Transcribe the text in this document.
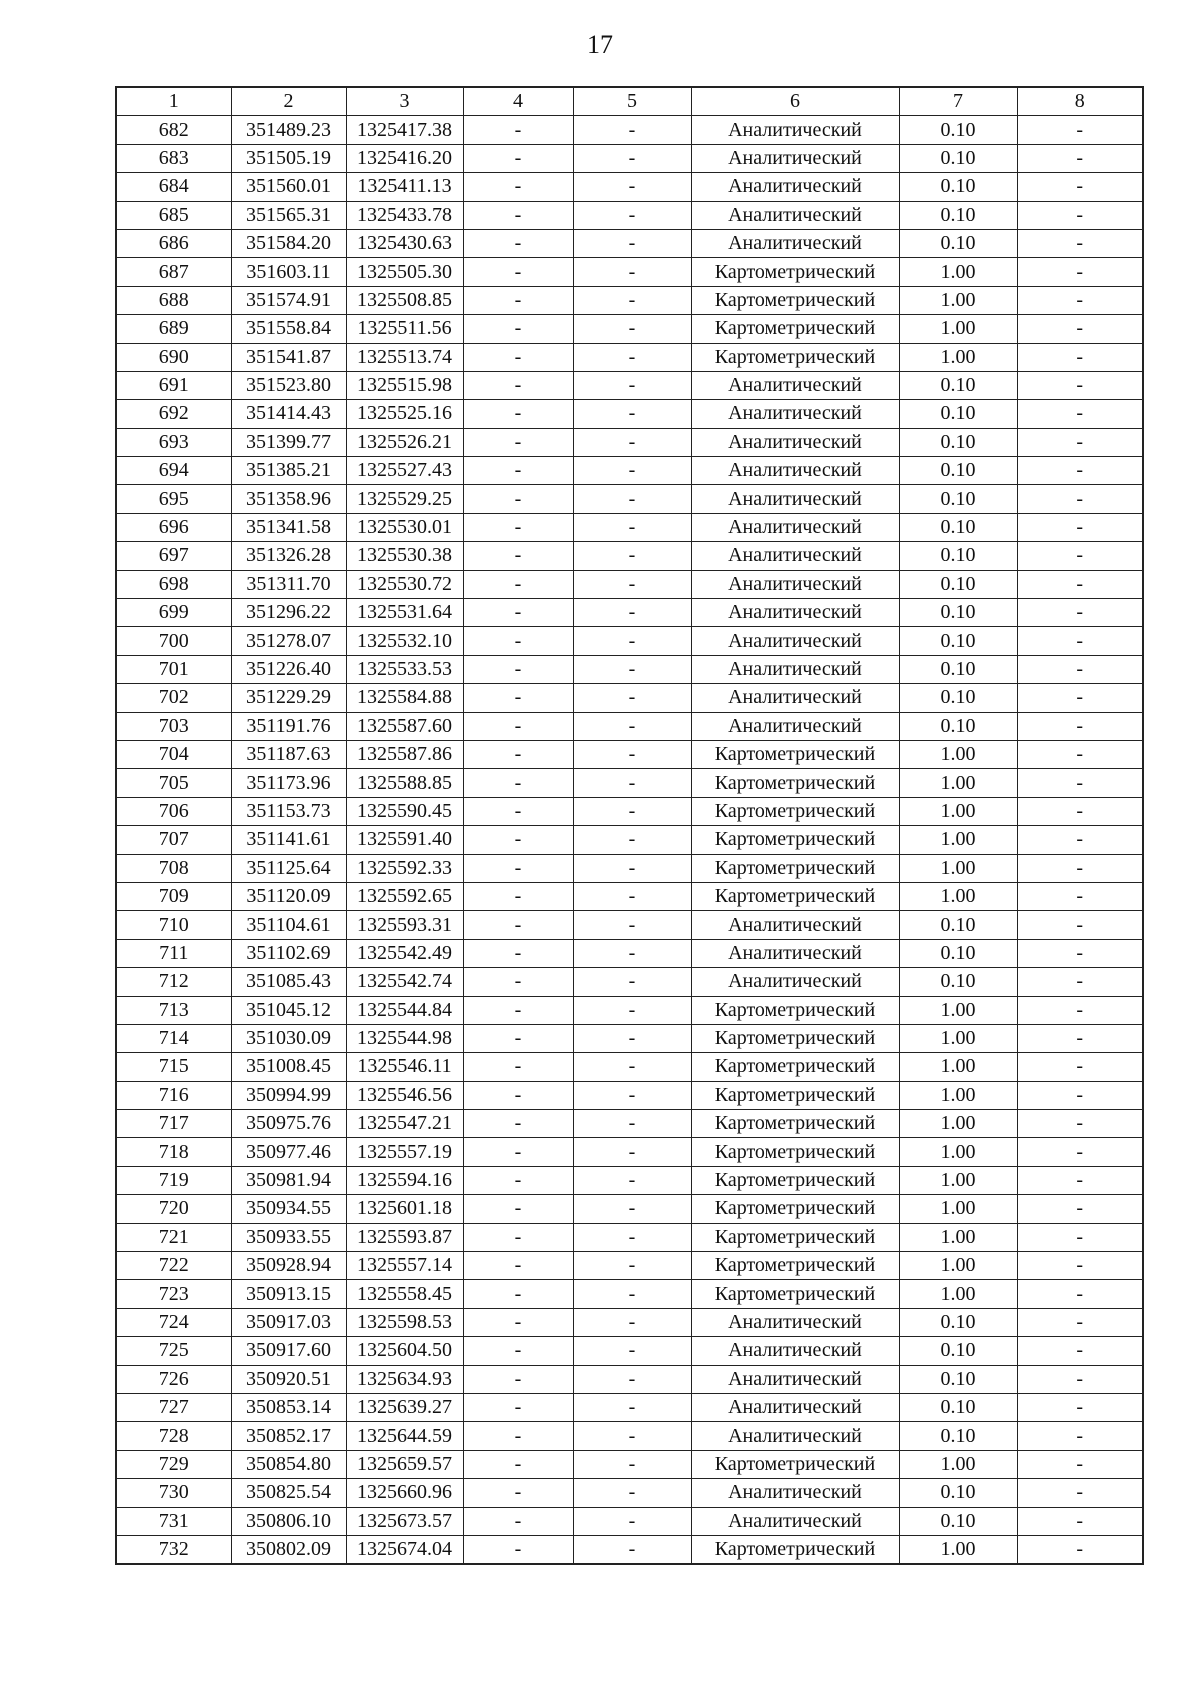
17
1	2	3	4	5	6	7	8
682	351489.23	1325417.38	-	-	Аналитический	0.10	-
683	351505.19	1325416.20	-	-	Аналитический	0.10	-
684	351560.01	1325411.13	-	-	Аналитический	0.10	-
685	351565.31	1325433.78	-	-	Аналитический	0.10	-
686	351584.20	1325430.63	-	-	Аналитический	0.10	-
687	351603.11	1325505.30	-	-	Картометрический	1.00	-
688	351574.91	1325508.85	-	-	Картометрический	1.00	-
689	351558.84	1325511.56	-	-	Картометрический	1.00	-
690	351541.87	1325513.74	-	-	Картометрический	1.00	-
691	351523.80	1325515.98	-	-	Аналитический	0.10	-
692	351414.43	1325525.16	-	-	Аналитический	0.10	-
693	351399.77	1325526.21	-	-	Аналитический	0.10	-
694	351385.21	1325527.43	-	-	Аналитический	0.10	-
695	351358.96	1325529.25	-	-	Аналитический	0.10	-
696	351341.58	1325530.01	-	-	Аналитический	0.10	-
697	351326.28	1325530.38	-	-	Аналитический	0.10	-
698	351311.70	1325530.72	-	-	Аналитический	0.10	-
699	351296.22	1325531.64	-	-	Аналитический	0.10	-
700	351278.07	1325532.10	-	-	Аналитический	0.10	-
701	351226.40	1325533.53	-	-	Аналитический	0.10	-
702	351229.29	1325584.88	-	-	Аналитический	0.10	-
703	351191.76	1325587.60	-	-	Аналитический	0.10	-
704	351187.63	1325587.86	-	-	Картометрический	1.00	-
705	351173.96	1325588.85	-	-	Картометрический	1.00	-
706	351153.73	1325590.45	-	-	Картометрический	1.00	-
707	351141.61	1325591.40	-	-	Картометрический	1.00	-
708	351125.64	1325592.33	-	-	Картометрический	1.00	-
709	351120.09	1325592.65	-	-	Картометрический	1.00	-
710	351104.61	1325593.31	-	-	Аналитический	0.10	-
711	351102.69	1325542.49	-	-	Аналитический	0.10	-
712	351085.43	1325542.74	-	-	Аналитический	0.10	-
713	351045.12	1325544.84	-	-	Картометрический	1.00	-
714	351030.09	1325544.98	-	-	Картометрический	1.00	-
715	351008.45	1325546.11	-	-	Картометрический	1.00	-
716	350994.99	1325546.56	-	-	Картометрический	1.00	-
717	350975.76	1325547.21	-	-	Картометрический	1.00	-
718	350977.46	1325557.19	-	-	Картометрический	1.00	-
719	350981.94	1325594.16	-	-	Картометрический	1.00	-
720	350934.55	1325601.18	-	-	Картометрический	1.00	-
721	350933.55	1325593.87	-	-	Картометрический	1.00	-
722	350928.94	1325557.14	-	-	Картометрический	1.00	-
723	350913.15	1325558.45	-	-	Картометрический	1.00	-
724	350917.03	1325598.53	-	-	Аналитический	0.10	-
725	350917.60	1325604.50	-	-	Аналитический	0.10	-
726	350920.51	1325634.93	-	-	Аналитический	0.10	-
727	350853.14	1325639.27	-	-	Аналитический	0.10	-
728	350852.17	1325644.59	-	-	Аналитический	0.10	-
729	350854.80	1325659.57	-	-	Картометрический	1.00	-
730	350825.54	1325660.96	-	-	Аналитический	0.10	-
731	350806.10	1325673.57	-	-	Аналитический	0.10	-
732	350802.09	1325674.04	-	-	Картометрический	1.00	-
